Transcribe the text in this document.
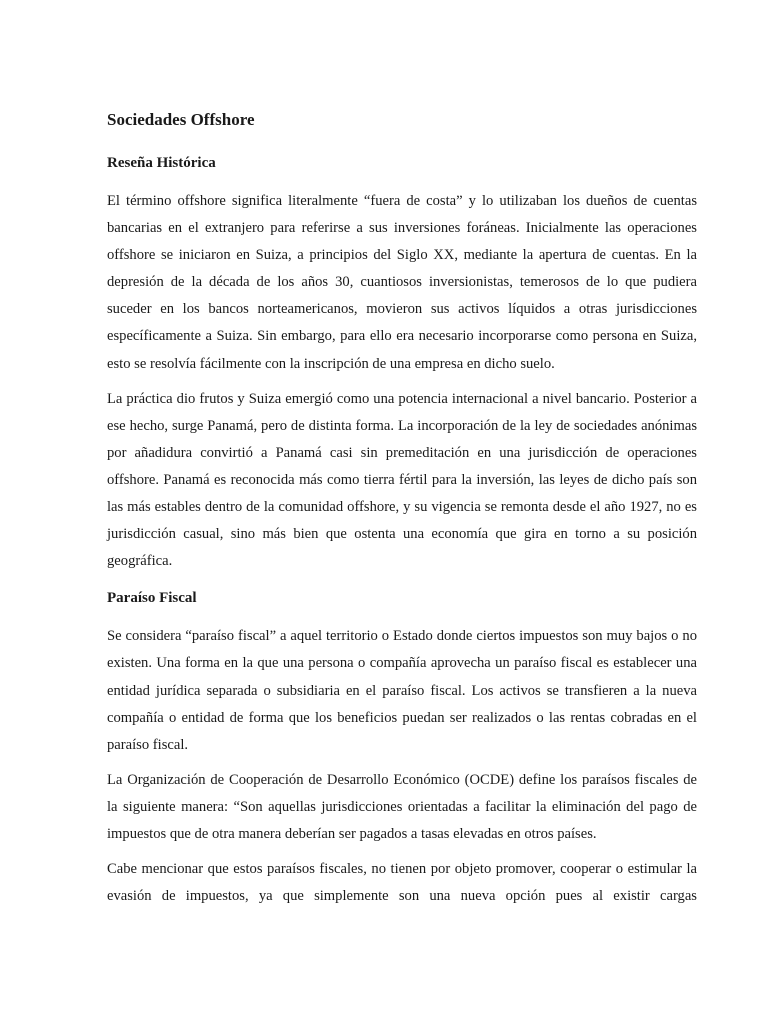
Sociedades Offshore
Reseña Histórica

El término offshore significa literalmente “fuera de costa” y lo utilizaban los dueños de cuentas bancarias en el extranjero para referirse a sus inversiones foráneas. Inicialmente las operaciones offshore se iniciaron en Suiza, a principios del Siglo XX, mediante la apertura de cuentas. En la depresión de la década de los años 30, cuantiosos inversionistas, temerosos de lo que pudiera suceder en los bancos norteamericanos, movieron sus activos líquidos a otras jurisdicciones específicamente a Suiza. Sin embargo, para ello era necesario incorporarse como persona en Suiza, esto se resolvía fácilmente con la inscripción de una empresa en dicho suelo.

La práctica dio frutos y Suiza emergió como una potencia internacional a nivel bancario. Posterior a ese hecho, surge Panamá, pero de distinta forma. La incorporación de la ley de sociedades anónimas por añadidura convirtió a Panamá casi sin premeditación en una jurisdicción de operaciones offshore. Panamá es reconocida más como tierra fértil para la inversión, las leyes de dicho país son las más estables dentro de la comunidad offshore, y su vigencia se remonta desde el año 1927, no es jurisdicción casual, sino más bien que ostenta una economía que gira en torno a su posición geográfica.

Paraíso Fiscal

Se considera “paraíso fiscal” a aquel territorio o Estado donde ciertos impuestos son muy bajos o no existen. Una forma en la que una persona o compañía aprovecha un paraíso fiscal es establecer una entidad jurídica separada o subsidiaria en el paraíso fiscal. Los activos se transfieren a la nueva compañía o entidad de forma que los beneficios puedan ser realizados o las rentas cobradas en el paraíso fiscal.

La Organización de Cooperación de Desarrollo Económico (OCDE) define los paraísos fiscales de la siguiente manera: “Son aquellas jurisdicciones orientadas a facilitar la eliminación del pago de impuestos que de otra manera deberían ser pagados a tasas elevadas en otros países.

Cabe mencionar que estos paraísos fiscales, no tienen por objeto promover, cooperar o estimular la evasión de impuestos, ya que simplemente son una nueva opción pues al existir cargas
